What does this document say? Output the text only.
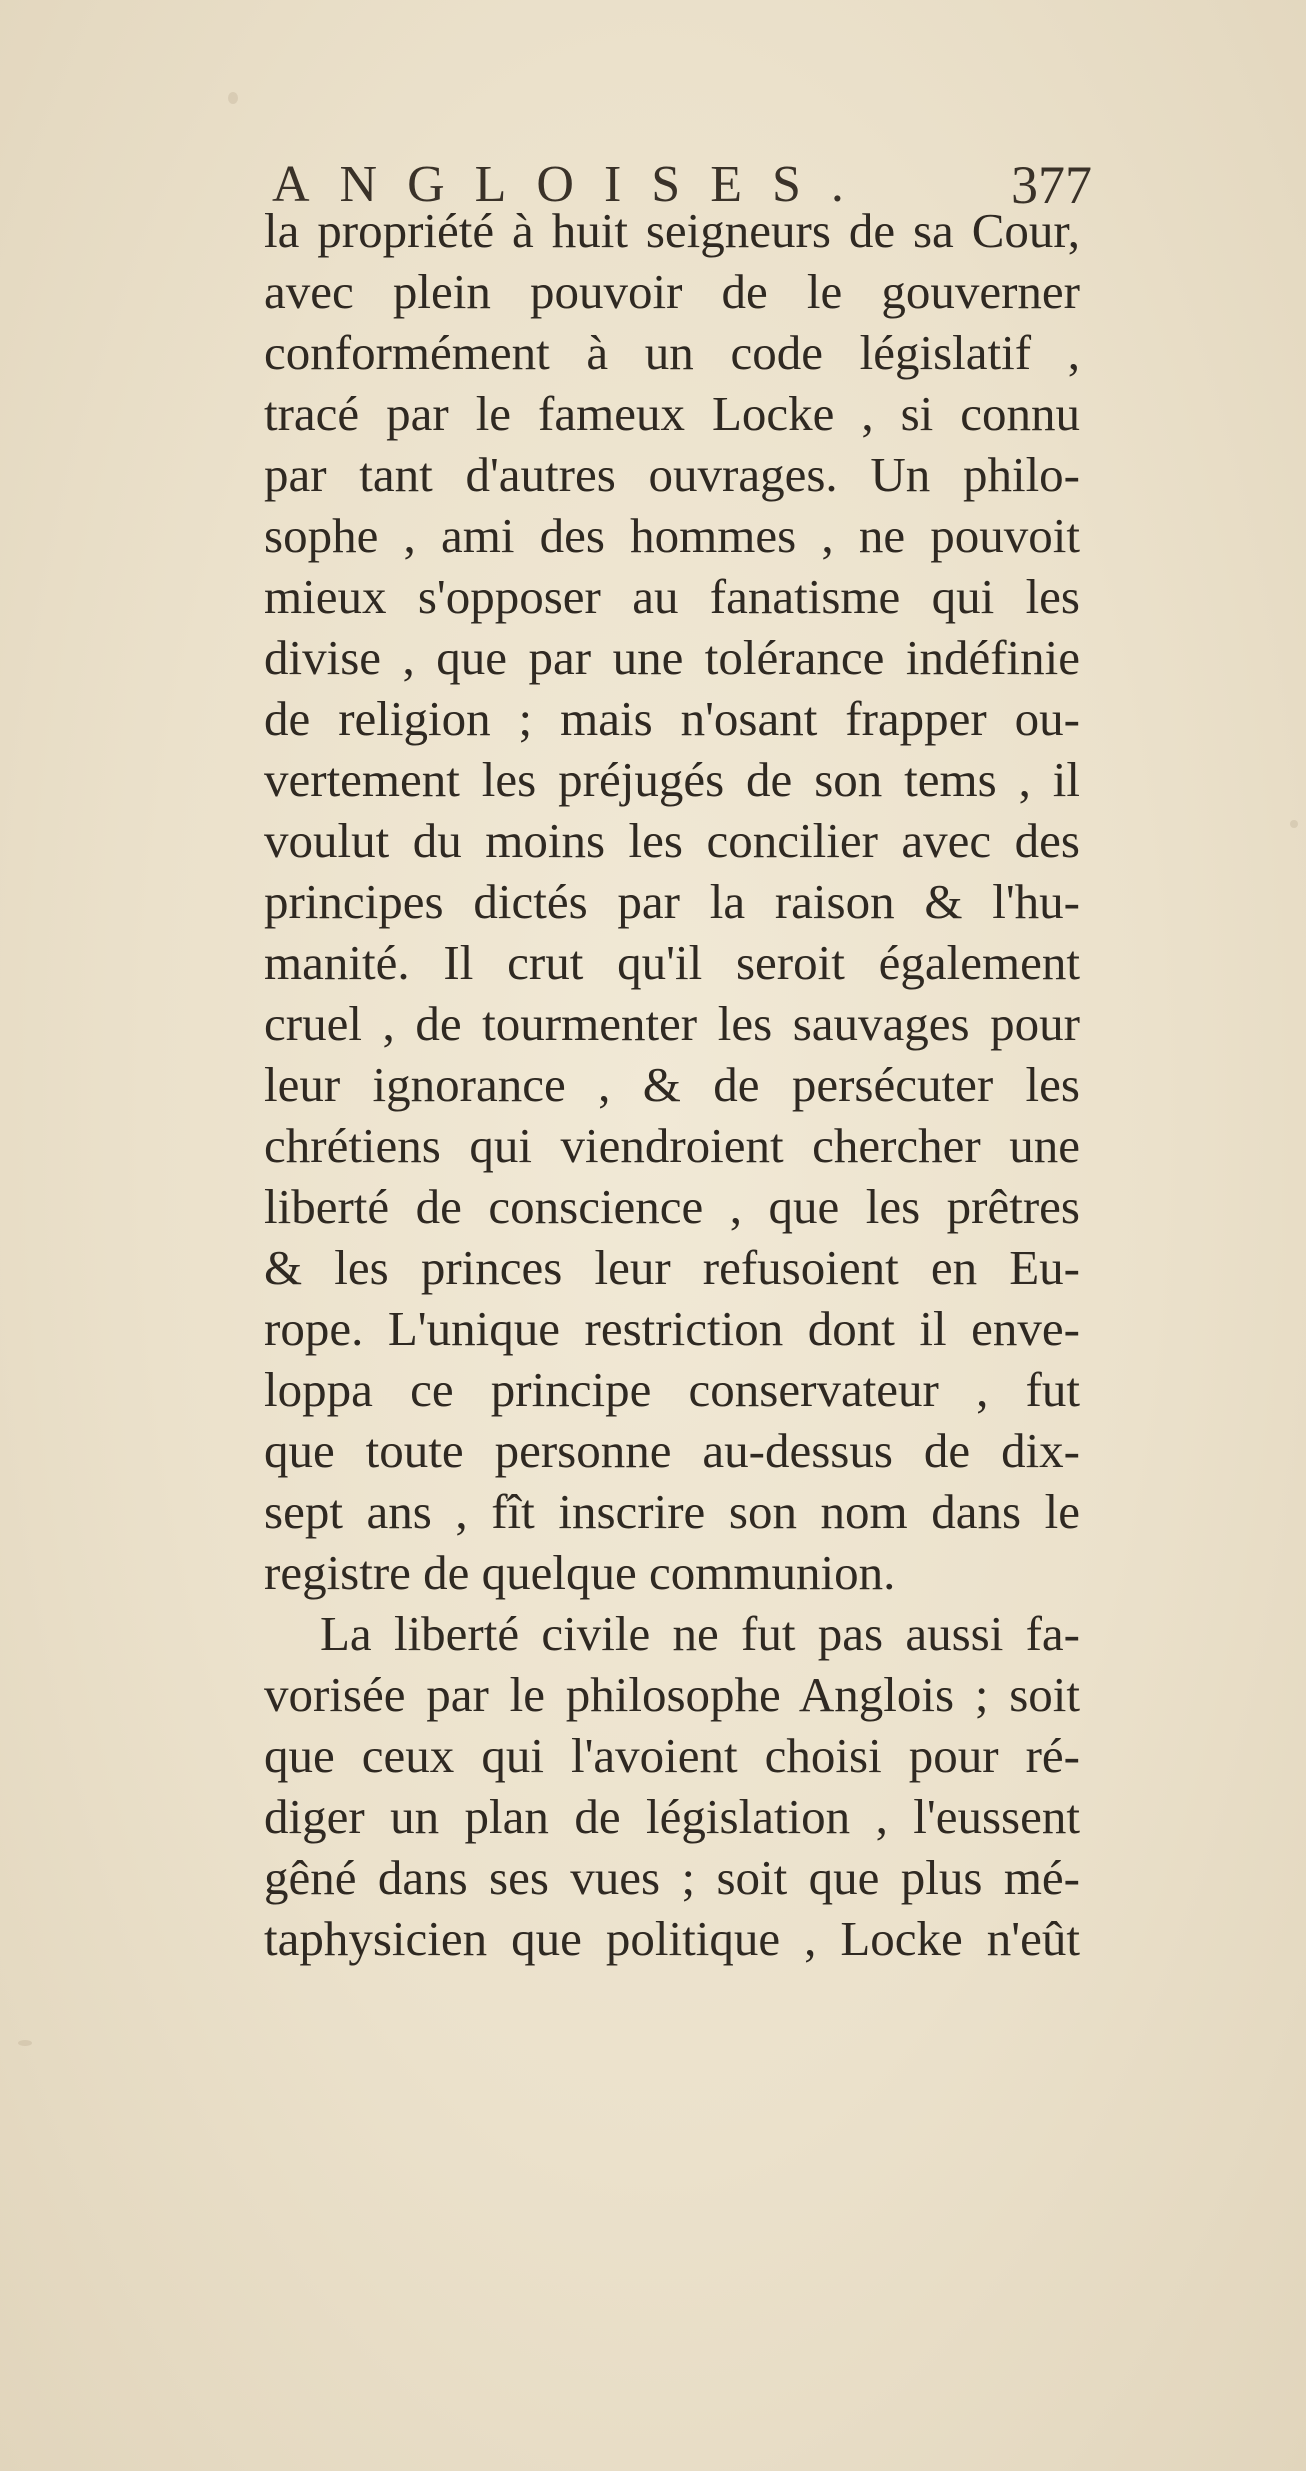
ANGLOISES.	377
la propriété à huit seigneurs de sa Cour,
avec plein pouvoir de le gouverner
conformément à un code législatif ,
tracé par le fameux Locke , si connu
par tant d'autres ouvrages. Un philo-
sophe , ami des hommes , ne pouvoit
mieux s'opposer au fanatisme qui les
divise , que par une tolérance indéfinie
de religion ; mais n'osant frapper ou-
vertement les préjugés de son tems , il
voulut du moins les concilier avec des
principes dictés par la raison & l'hu-
manité. Il crut qu'il seroit également
cruel , de tourmenter les sauvages pour
leur ignorance , & de persécuter les
chrétiens qui viendroient chercher une
liberté de conscience , que les prêtres
& les princes leur refusoient en Eu-
rope. L'unique restriction dont il enve-
loppa ce principe conservateur , fut
que toute personne au-dessus de dix-
sept ans , fît inscrire son nom dans le
registre de quelque communion.
La liberté civile ne fut pas aussi fa-
vorisée par le philosophe Anglois ; soit
que ceux qui l'avoient choisi pour ré-
diger un plan de législation , l'eussent
gêné dans ses vues ; soit que plus mé-
taphysicien que politique , Locke n'eût
